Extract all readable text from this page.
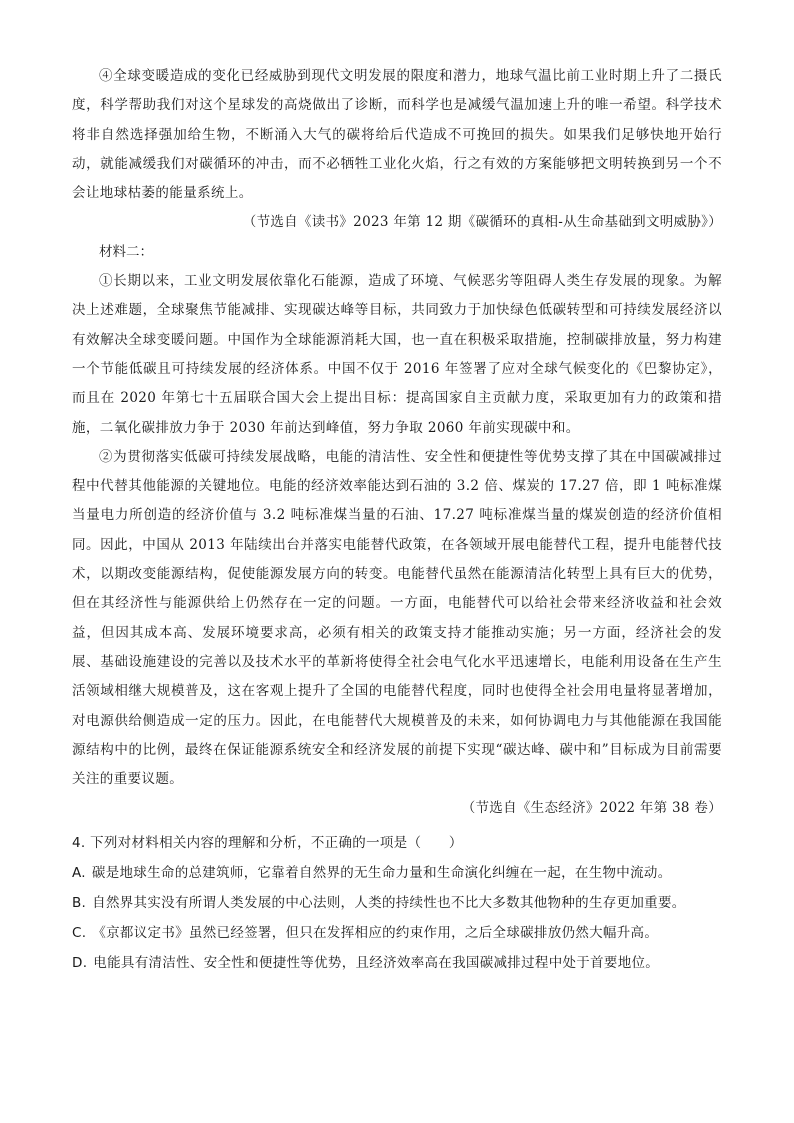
④全球变暖造成的变化已经威胁到现代文明发展的限度和潜力，地球气温比前工业时期上升了二摄氏度，科学帮助我们对这个星球发的高烧做出了诊断，而科学也是减缓气温加速上升的唯一希望。科学技术将非自然选择强加给生物，不断涌入大气的碳将给后代造成不可挽回的损失。如果我们足够快地开始行动，就能减缓我们对碳循环的冲击，而不必牺牲工业化火焰，行之有效的方案能够把文明转换到另一个不会让地球枯萎的能量系统上。

（节选自《读书》2023 年第 12 期《碳循环的真相-从生命基础到文明威胁》）

材料二：

①长期以来，工业文明发展依靠化石能源，造成了环境、气候恶劣等阻碍人类生存发展的现象。为解决上述难题，全球聚焦节能减排、实现碳达峰等目标，共同致力于加快绿色低碳转型和可持续发展经济以有效解决全球变暖问题。中国作为全球能源消耗大国，也一直在积极采取措施，控制碳排放量，努力构建一个节能低碳且可持续发展的经济体系。中国不仅于 2016 年签署了应对全球气候变化的《巴黎协定》，而且在 2020 年第七十五届联合国大会上提出目标：提高国家自主贡献力度，采取更加有力的政策和措施，二氧化碳排放力争于 2030 年前达到峰值，努力争取 2060 年前实现碳中和。

②为贯彻落实低碳可持续发展战略，电能的清洁性、安全性和便捷性等优势支撑了其在中国碳减排过程中代替其他能源的关键地位。电能的经济效率能达到石油的 3.2 倍、煤炭的 17.27 倍，即 1 吨标准煤当量电力所创造的经济价值与 3.2 吨标准煤当量的石油、17.27 吨标准煤当量的煤炭创造的经济价值相同。因此，中国从 2013 年陆续出台并落实电能替代政策，在各领域开展电能替代工程，提升电能替代技术，以期改变能源结构，促使能源发展方向的转变。电能替代虽然在能源清洁化转型上具有巨大的优势，但在其经济性与能源供给上仍然存在一定的问题。一方面，电能替代可以给社会带来经济收益和社会效益，但因其成本高、发展环境要求高，必须有相关的政策支持才能推动实施；另一方面，经济社会的发展、基础设施建设的完善以及技术水平的革新将使得全社会电气化水平迅速增长，电能利用设备在生产生活领域相继大规模普及，这在客观上提升了全国的电能替代程度，同时也使得全社会用电量将显著增加，对电源供给侧造成一定的压力。因此，在电能替代大规模普及的未来，如何协调电力与其他能源在我国能源结构中的比例，最终在保证能源系统安全和经济发展的前提下实现“碳达峰、碳中和”目标成为目前需要关注的重要议题。

（节选自《生态经济》2022 年第 38 卷）

4. 下列对材料相关内容的理解和分析，不正确的一项是（　　）

A. 碳是地球生命的总建筑师，它靠着自然界的无生命力量和生命演化纠缠在一起，在生物中流动。

B. 自然界其实没有所谓人类发展的中心法则，人类的持续性也不比大多数其他物种的生存更加重要。

C. 《京都议定书》虽然已经签署，但只在发挥相应的约束作用，之后全球碳排放仍然大幅升高。

D. 电能具有清洁性、安全性和便捷性等优势，且经济效率高在我国碳减排过程中处于首要地位。
